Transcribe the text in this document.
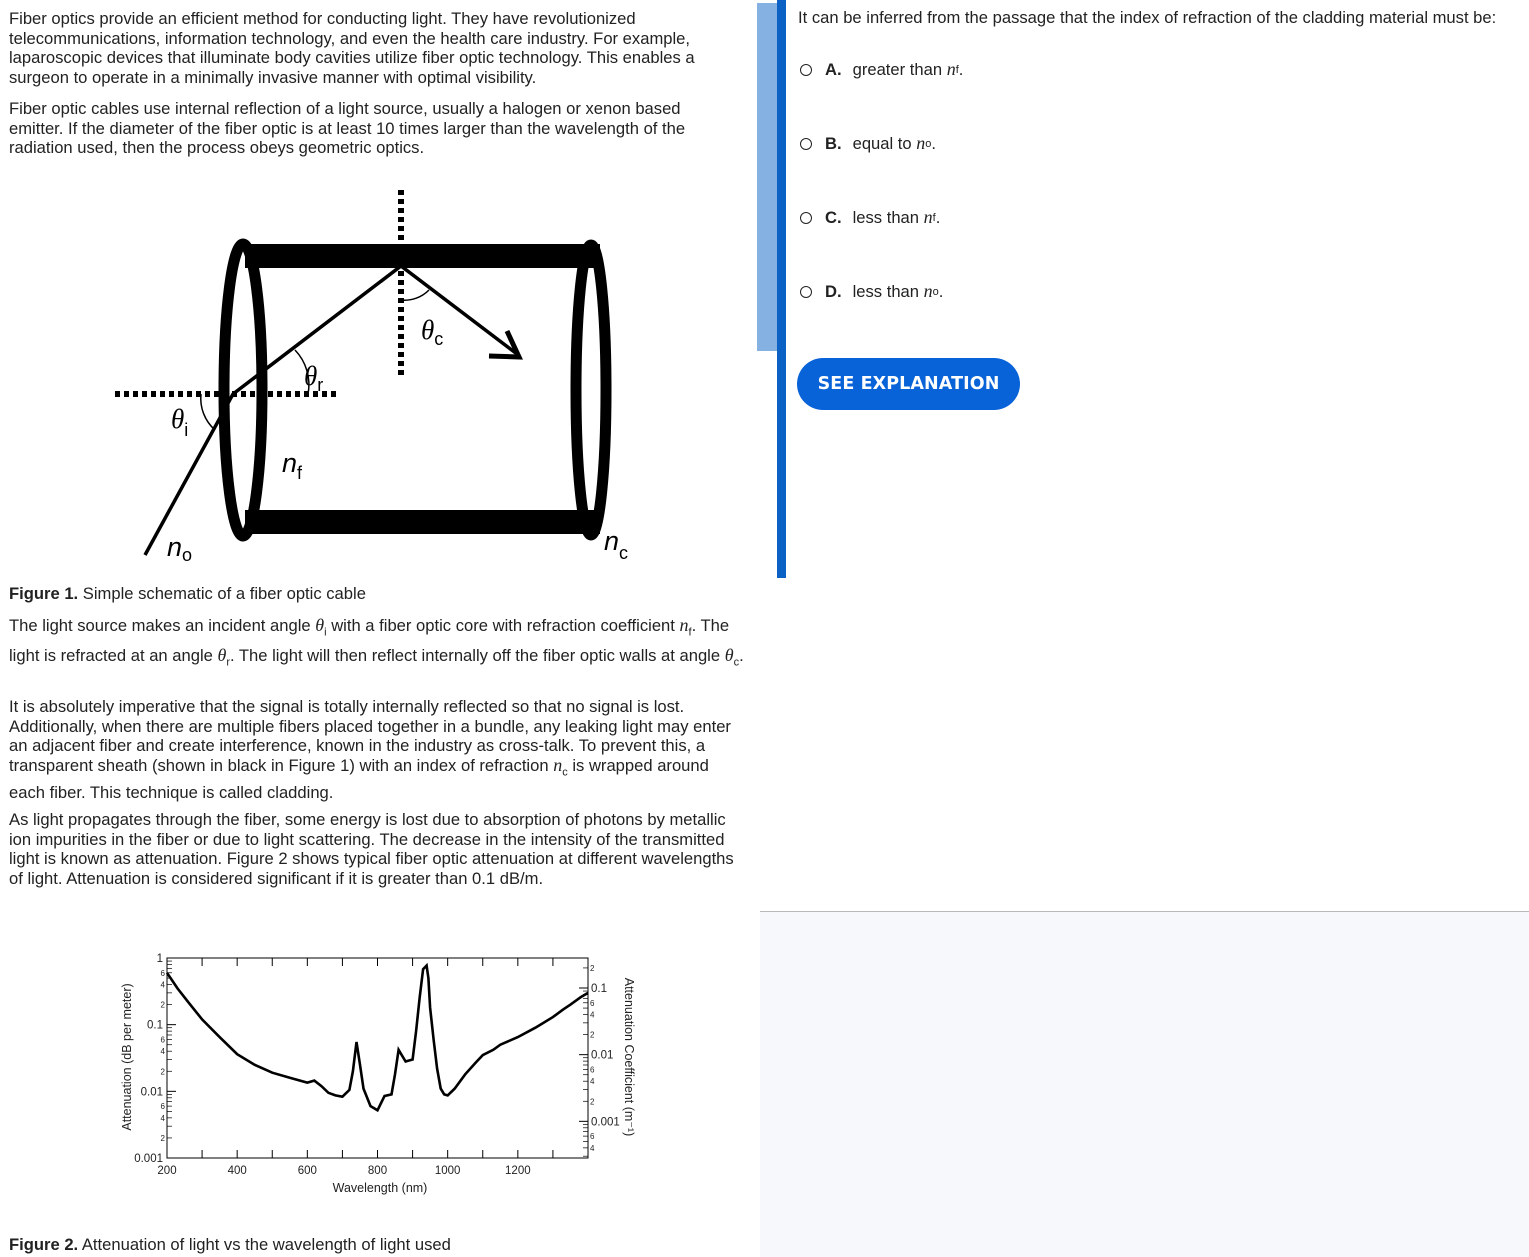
Fiber optics provide an efficient method for conducting light. They have revolutionized telecommunications, information technology, and even the health care industry. For example, laparoscopic devices that illuminate body cavities utilize fiber optic technology. This enables a surgeon to operate in a minimally invasive manner with optimal visibility.

Fiber optic cables use internal reflection of a light source, usually a halogen or xenon based emitter. If the diameter of the fiber optic is at least 10 times larger than the wavelength of the radiation used, then the process obeys geometric optics.

$\theta_c$
$\theta_r$
$\theta_i$
$n_f$
no	$n_c$
Figure 1. Simple schematic of a fiber optic cable
The light source makes an incident angle $\theta_i$ with a fiber optic core with refraction coefficient $n_f$. The light is refracted at an angle $\theta_r$. The light will then reflect internally off the fiber optic walls at angle $\theta_c$.

It is absolutely imperative that the signal is totally internally reflected so that no signal is lost. Additionally, when there are multiple fibers placed together in a bundle, any leaking light may enter an adjacent fiber and create interference, known in the industry as cross-talk. To prevent this, a transparent sheath (shown in black in Figure 1) with an index of refraction $n_c$ is wrapped around each fiber. This technique is called cladding.

As light propagates through the fiber, some energy is lost due to absorption of photons by metallic ion impurities in the fiber or due to light scattering. The decrease in the intensity of the transmitted light is known as attenuation. Figure 2 shows typical fiber optic attenuation at different wavelengths of light. Attenuation is considered significant if it is greater than 0.1 dB/m.

200	400	600	800	1000	1200
2
4
6
2
4
6
2
4
6
0.001
0.01
0.1
1
4
6
2
4
6
2
4
6
2
0.001
0.01
0.1
Wavelength (nm)
Attenuation (dB per meter)	Attenuation Coefficient (m⁻¹)
Figure 2. Attenuation of light vs the wavelength of light used

It can be inferred from the passage that the index of refraction of the cladding material must be:

A. greater than
n f .
B. equal to
n o .
C. less than
n f .
D. less than
n o .
SEE EXPLANATION
